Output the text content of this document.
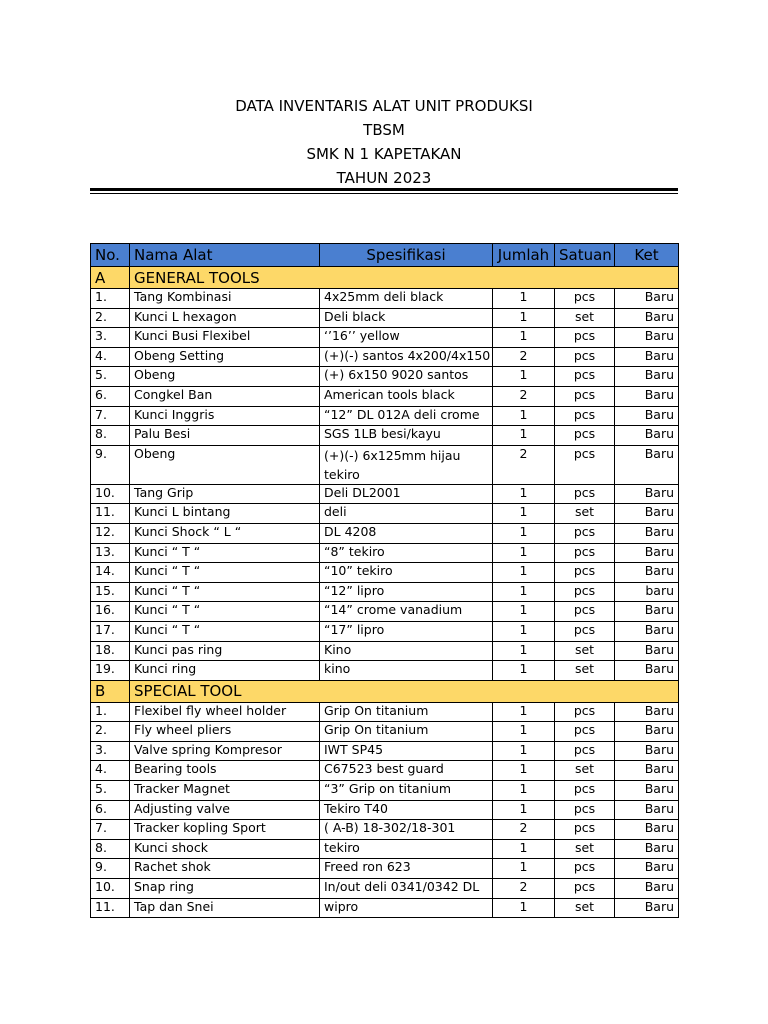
DATA INVENTARIS ALAT UNIT PRODUKSI
TBSM
SMK N 1 KAPETAKAN
TAHUN 2023
No.	Nama Alat	Spesifikasi	Jumlah	Satuan	Ket
A	GENERAL TOOLS				
1.	Tang Kombinasi	4x25mm deli black	1	pcs	Baru
2.	Kunci L hexagon	Deli black	1	set	Baru
3.	Kunci Busi Flexibel	‘’16’’ yellow	1	pcs	Baru
4.	Obeng Setting	(+)(-) santos 4x200/4x150	2	pcs	Baru
5.	Obeng	(+) 6x150 9020 santos	1	pcs	Baru
6.	Congkel Ban	American tools black	2	pcs	Baru
7.	Kunci Inggris	“12” DL 012A deli crome	1	pcs	Baru
8.	Palu Besi	SGS 1LB besi/kayu	1	pcs	Baru
9.	Obeng	(+)(-) 6x125mm hijau tekiro	2	pcs	Baru
10.	Tang Grip	Deli DL2001	1	pcs	Baru
11.	Kunci L bintang	deli	1	set	Baru
12.	Kunci Shock “ L “	DL 4208	1	pcs	Baru
13.	Kunci “ T “	“8” tekiro	1	pcs	Baru
14.	Kunci “ T “	“10” tekiro	1	pcs	Baru
15.	Kunci “ T “	“12” lipro	1	pcs	baru
16.	Kunci “ T “	“14” crome vanadium	1	pcs	Baru
17.	Kunci “ T “	“17” lipro	1	pcs	Baru
18.	Kunci pas ring	Kino	1	set	Baru
19.	Kunci ring	kino	1	set	Baru
B	SPECIAL TOOL				
1.	Flexibel fly wheel holder	Grip On titanium	1	pcs	Baru
2.	Fly wheel pliers	Grip On titanium	1	pcs	Baru
3.	Valve spring Kompresor	IWT SP45	1	pcs	Baru
4.	Bearing tools	C67523 best guard	1	set	Baru
5.	Tracker Magnet	“3” Grip on titanium	1	pcs	Baru
6.	Adjusting valve	Tekiro T40	1	pcs	Baru
7.	Tracker kopling Sport	( A-B) 18-302/18-301	2	pcs	Baru
8.	Kunci shock	tekiro	1	set	Baru
9.	Rachet shok	Freed ron 623	1	pcs	Baru
10.	Snap ring	In/out deli 0341/0342 DL	2	pcs	Baru
11.	Tap dan Snei	wipro	1	set	Baru
